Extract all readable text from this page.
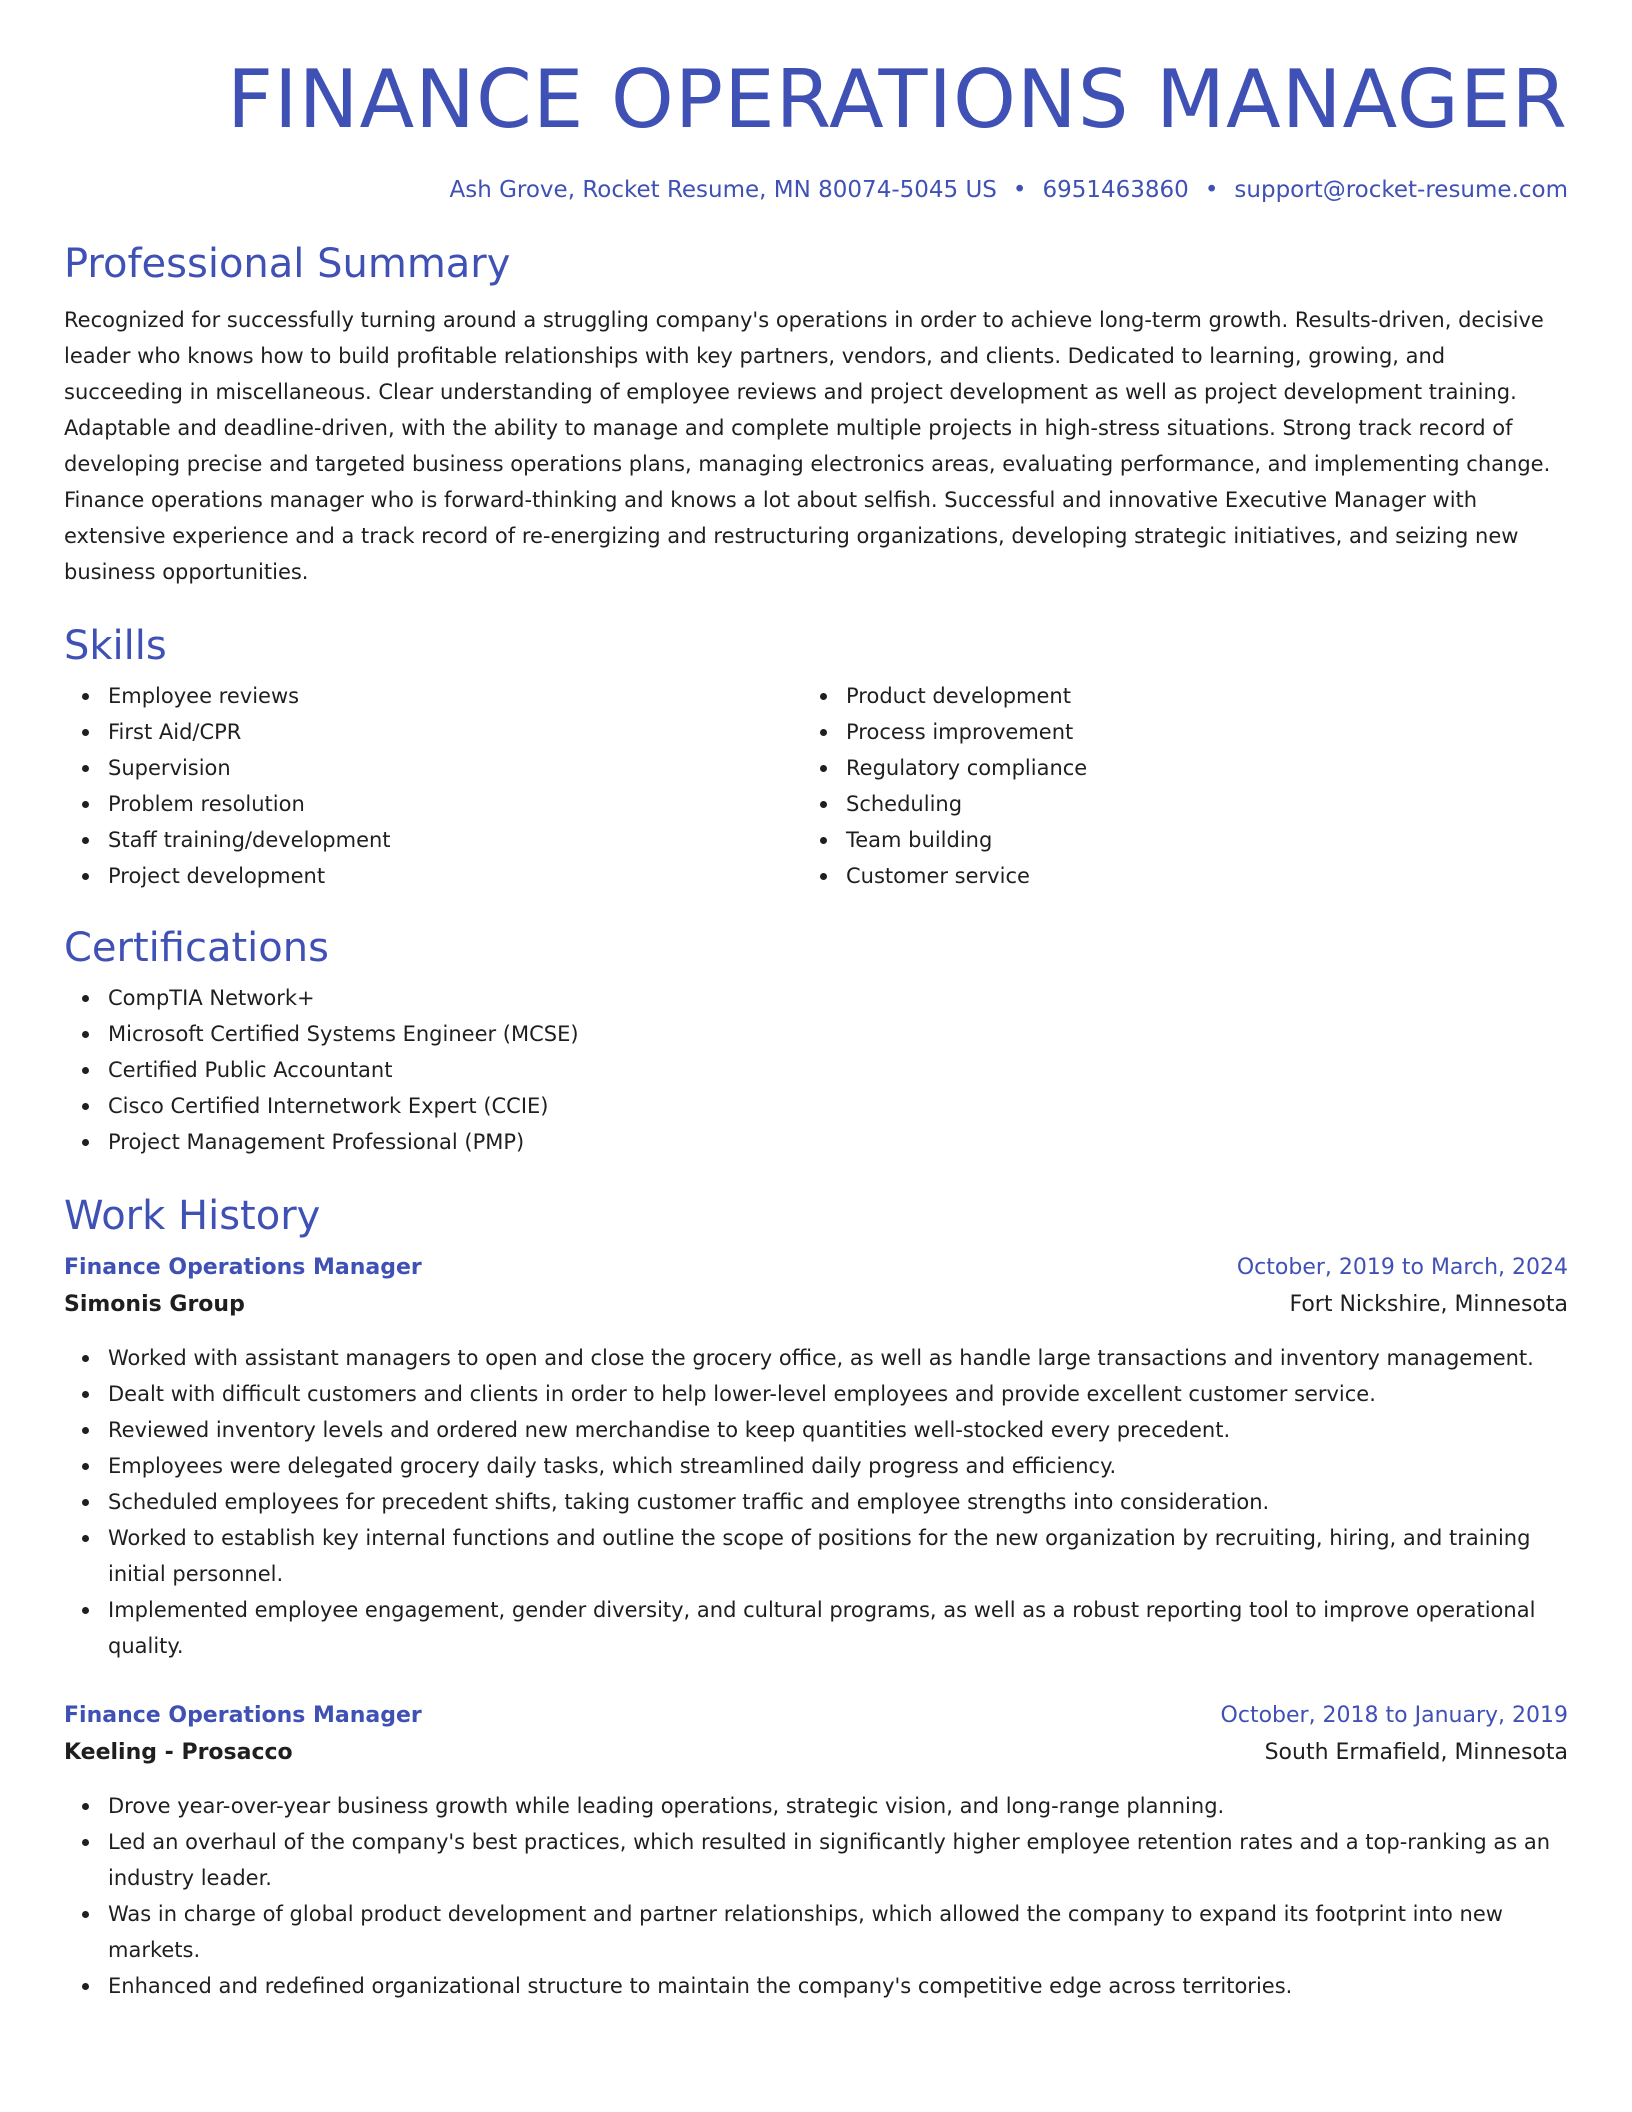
FINANCE OPERATIONS MANAGER
Ash Grove, Rocket Resume, MN 80074-5045 US • 6951463860 • support@rocket-resume.com
Professional Summary

Recognized for successfully turning around a struggling company's operations in order to achieve long-term growth. Results-driven, decisive leader who knows how to build profitable relationships with key partners, vendors, and clients. Dedicated to learning, growing, and succeeding in miscellaneous. Clear understanding of employee reviews and project development as well as project development training. Adaptable and deadline-driven, with the ability to manage and complete multiple projects in high-stress situations. Strong track record of developing precise and targeted business operations plans, managing electronics areas, evaluating performance, and implementing change. Finance operations manager who is forward-thinking and knows a lot about selfish. Successful and innovative Executive Manager with extensive experience and a track record of re-energizing and restructuring organizations, developing strategic initiatives, and seizing new business opportunities.

Skills
Employee reviews
First Aid/CPR
Supervision
Problem resolution
Staff training/development
Project development
Product development
Process improvement
Regulatory compliance
Scheduling
Team building
Customer service
Certifications
CompTIA Network+
Microsoft Certified Systems Engineer (MCSE)
Certified Public Accountant
Cisco Certified Internetwork Expert (CCIE)
Project Management Professional (PMP)
Work History
Finance Operations Manager	October, 2019 to March, 2024
Simonis Group	Fort Nickshire, Minnesota
Worked with assistant managers to open and close the grocery office, as well as handle large transactions and inventory management.
Dealt with difficult customers and clients in order to help lower-level employees and provide excellent customer service.
Reviewed inventory levels and ordered new merchandise to keep quantities well-stocked every precedent.
Employees were delegated grocery daily tasks, which streamlined daily progress and efficiency.
Scheduled employees for precedent shifts, taking customer traffic and employee strengths into consideration.
Worked to establish key internal functions and outline the scope of positions for the new organization by recruiting, hiring, and training initial personnel.
Implemented employee engagement, gender diversity, and cultural programs, as well as a robust reporting tool to improve operational quality.
Finance Operations Manager	October, 2018 to January, 2019
Keeling - Prosacco	South Ermafield, Minnesota
Drove year-over-year business growth while leading operations, strategic vision, and long-range planning.
Led an overhaul of the company's best practices, which resulted in significantly higher employee retention rates and a top-ranking as an industry leader.
Was in charge of global product development and partner relationships, which allowed the company to expand its footprint into new markets.
Enhanced and redefined organizational structure to maintain the company's competitive edge across territories.
